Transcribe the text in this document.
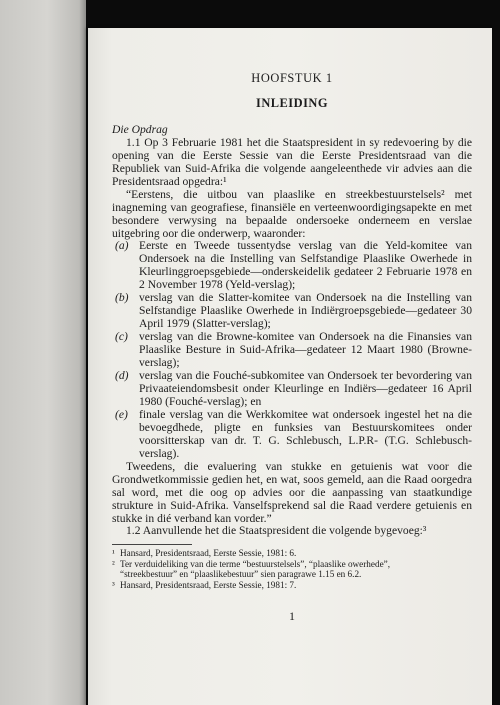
HOOFSTUK 1
INLEIDING

Die Opdrag

1.1 Op 3 Februarie 1981 het die Staatspresident in sy redevoering by die opening van die Eerste Sessie van die Eerste Presidentsraad van die Republiek van Suid-Afrika die volgende aangeleenthede vir advies aan die Presidentsraad opgedra:¹

“Eerstens, die uitbou van plaaslike en streekbestuurstelsels² met inagneming van geografiese, finansiële en verteenwoordigingsapekte en met besondere verwysing na bepaalde ondersoeke onderneem en verslae uitgebring oor die onderwerp, waaronder:

(a) Eerste en Tweede tussentydse verslag van die Yeld-komitee van Ondersoek na die Instelling van Selfstandige Plaaslike Owerhede in Kleurlinggroepsgebiede—onderskeidelik gedateer 2 Februarie 1978 en 2 November 1978 (Yeld-verslag);
(b) verslag van die Slatter-komitee van Ondersoek na die Instelling van Selfstandige Plaaslike Owerhede in Indiërgroepsgebiede—gedateer 30 April 1979 (Slatter-verslag);
(c) verslag van die Browne-komitee van Ondersoek na die Finansies van Plaaslike Besture in Suid-Afrika—gedateer 12 Maart 1980 (Browne-verslag);
(d) verslag van die Fouché-subkomitee van Ondersoek ter bevordering van Privaateiendomsbesit onder Kleurlinge en Indiërs—gedateer 16 April 1980 (Fouché-verslag); en
(e) finale verslag van die Werkkomitee wat ondersoek ingestel het na die bevoegdhede, pligte en funksies van Bestuurskomitees onder voorsitterskap van dr. T. G. Schlebusch, L.P.R- (T.G. Schlebusch-verslag).

Tweedens, die evaluering van stukke en getuienis wat voor die Grondwetkommissie gedien het, en wat, soos gemeld, aan die Raad oorgedra sal word, met die oog op advies oor die aanpassing van staatkundige strukture in Suid-Afrika. Vanselfsprekend sal die Raad verdere getuienis en stukke in dié verband kan vorder.”

1.2 Aanvullende het die Staatspresident die volgende bygevoeg:³

¹ Hansard, Presidentsraad, Eerste Sessie, 1981: 6.

² Ter verduideliking van die terme “bestuurstelsels”, “plaaslike owerhede”,

“streekbestuur” en “plaaslikebestuur” sien paragrawe 1.15 en 6.2.

³ Hansard, Presidentsraad, Eerste Sessie, 1981: 7.

1
